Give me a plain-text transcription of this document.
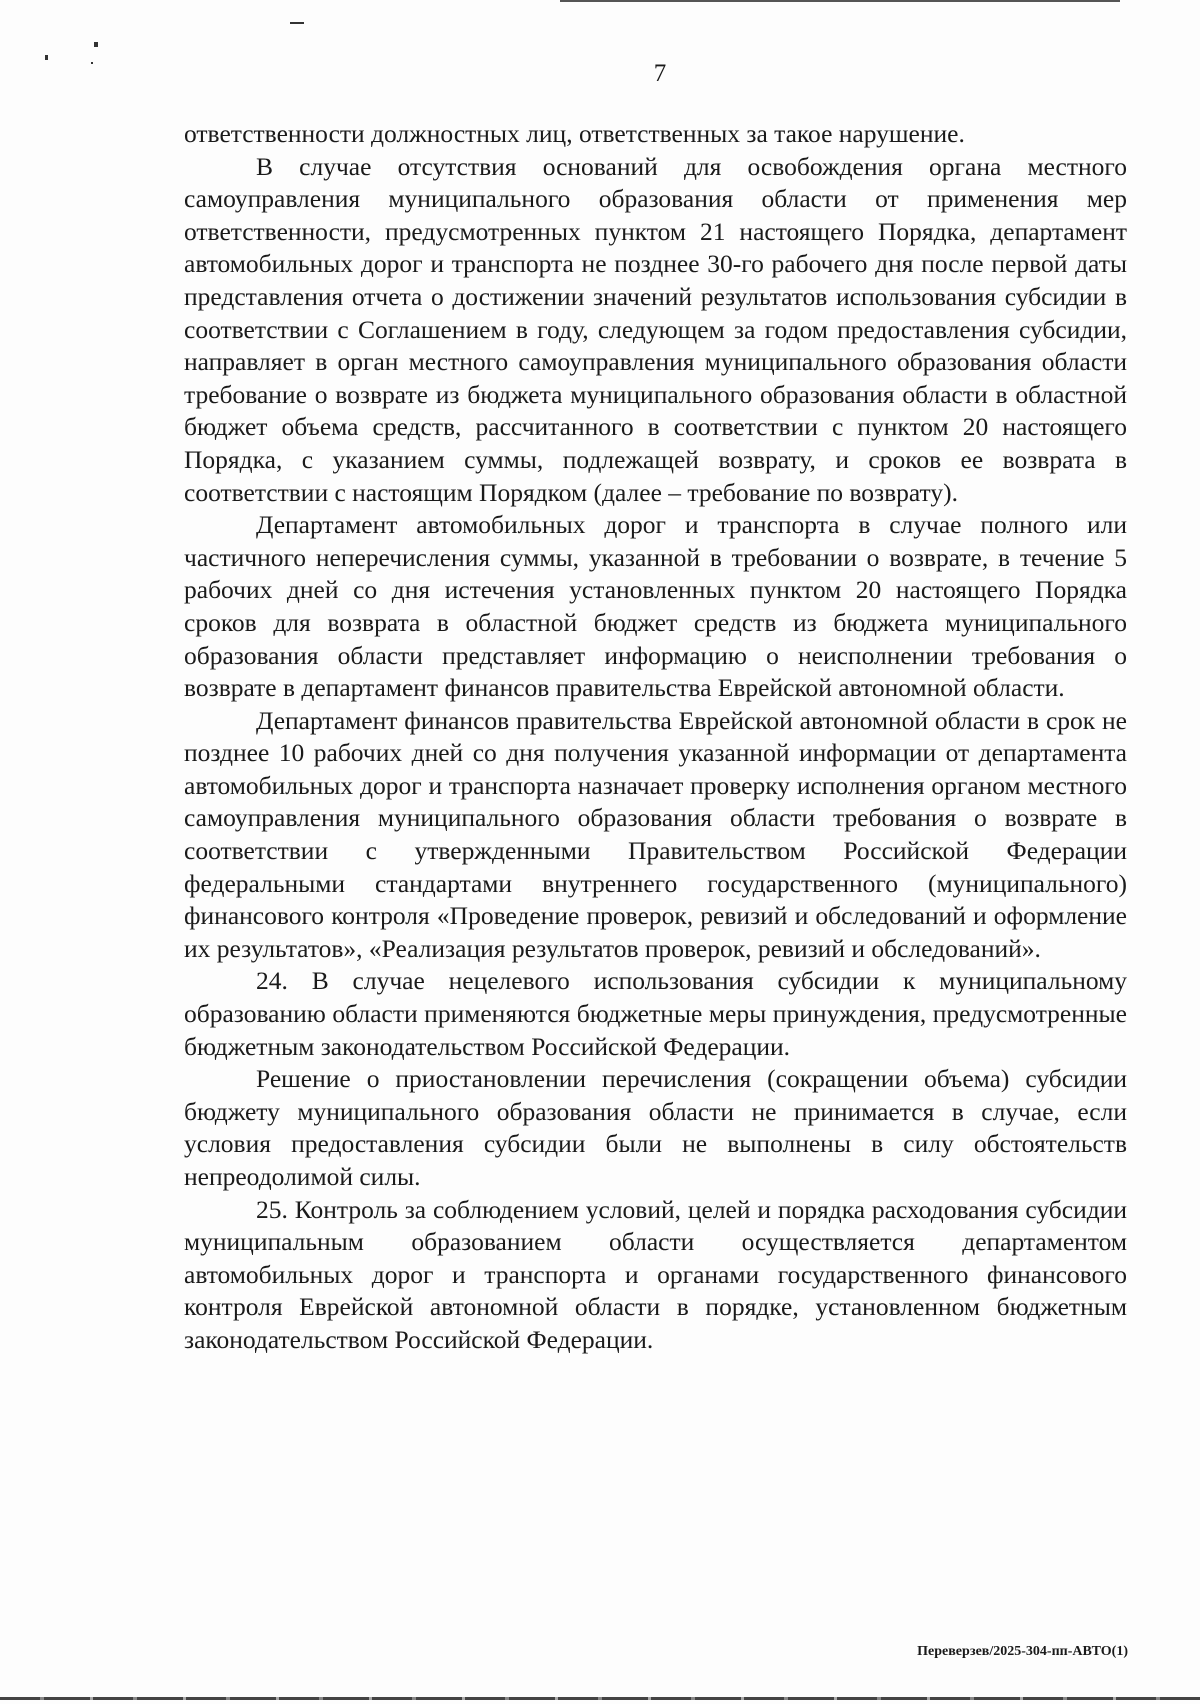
7

ответственности должностных лиц, ответственных за такое нарушение.

В случае отсутствия оснований для освобождения органа местного самоуправления муниципального образования области от применения мер ответственности, предусмотренных пунктом 21 настоящего Порядка, департамент автомобильных дорог и транспорта не позднее 30-го рабочего дня после первой даты представления отчета о достижении значений результатов использования субсидии в соответствии с Соглашением в году, следующем за годом предоставления субсидии, направляет в орган местного самоуправления муниципального образования области требование о возврате из бюджета муниципального образования области в областной бюджет объема средств, рассчитанного в соответствии с пунктом 20 настоящего Порядка, с указанием суммы, подлежащей возврату, и сроков ее возврата в соответствии с настоящим Порядком (далее – требование по возврату).

Департамент автомобильных дорог и транспорта в случае полного или частичного неперечисления суммы, указанной в требовании о возврате, в течение 5 рабочих дней со дня истечения установленных пунктом 20 настоящего Порядка сроков для возврата в областной бюджет средств из бюджета муниципального образования области представляет информацию о неисполнении требования о возврате в департамент финансов правительства Еврейской автономной области.

Департамент финансов правительства Еврейской автономной области в срок не позднее 10 рабочих дней со дня получения указанной информации от департамента автомобильных дорог и транспорта назначает проверку исполнения органом местного самоуправления муниципального образования области требования о возврате в соответствии с утвержденными Правительством Российской Федерации федеральными стандартами внутреннего государственного (муниципального) финансового контроля «Проведение проверок, ревизий и обследований и оформление их результатов», «Реализация результатов проверок, ревизий и обследований».

24. В случае нецелевого использования субсидии к муниципальному образованию области применяются бюджетные меры принуждения, предусмотренные бюджетным законодательством Российской Федерации.

Решение о приостановлении перечисления (сокращении объема) субсидии бюджету муниципального образования области не принимается в случае, если условия предоставления субсидии были не выполнены в силу обстоятельств непреодолимой силы.

25. Контроль за соблюдением условий, целей и порядка расходования субсидии муниципальным образованием области осуществляется департаментом автомобильных дорог и транспорта и органами государственного финансового контроля Еврейской автономной области в порядке, установленном бюджетным законодательством Российской Федерации.

Переверзев/2025-304-пп-АВТО(1)
